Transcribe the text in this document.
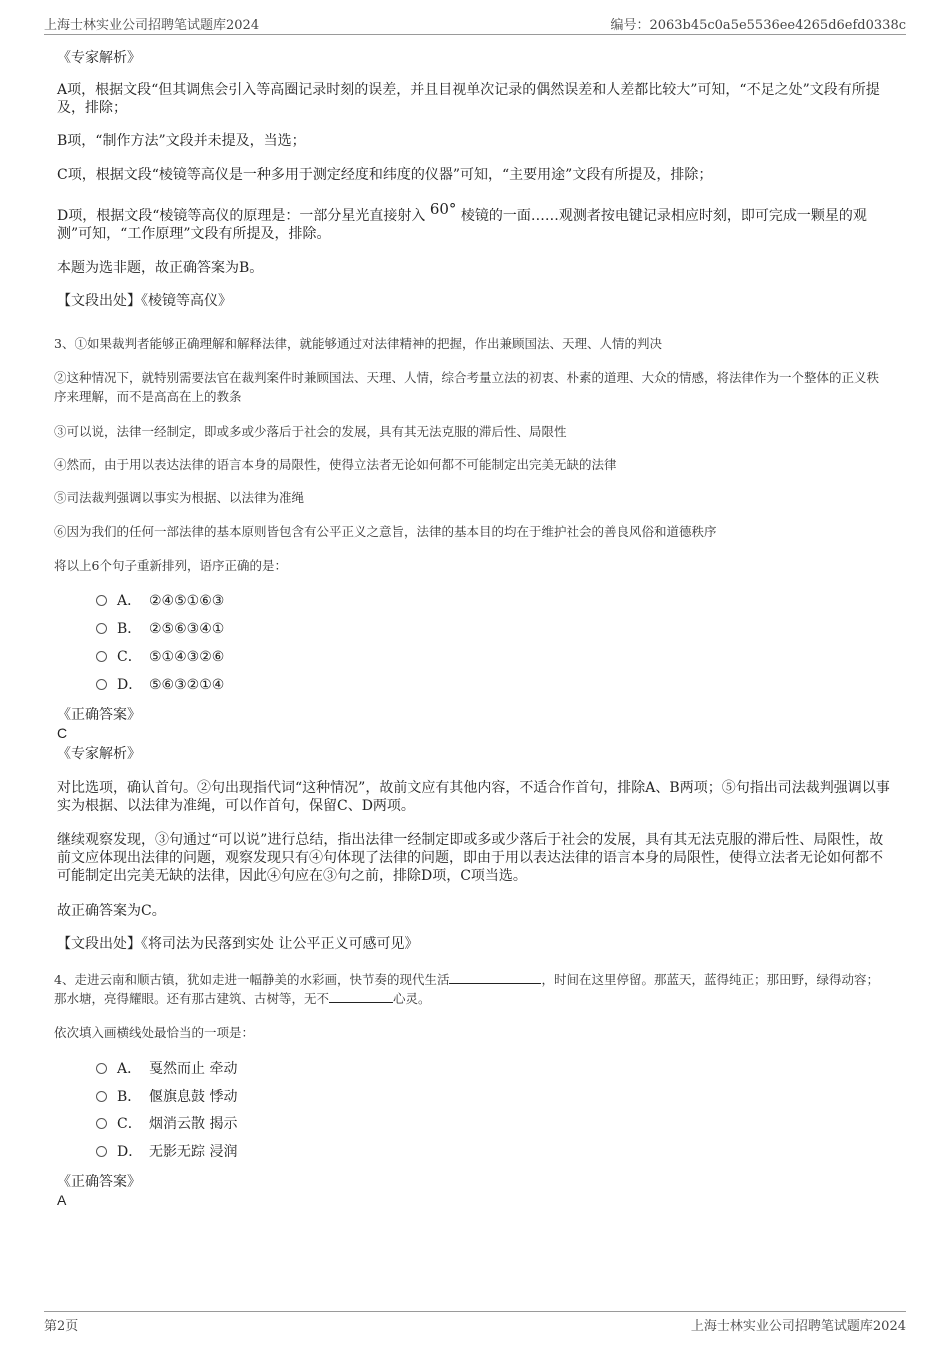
上海士林实业公司招聘笔试题库2024	编号：2063b45c0a5e5536ee4265d6efd0338c

《专家解析》

A项，根据文段“但其调焦会引入等高圈记录时刻的误差，并且目视单次记录的偶然误差和人差都比较大”可知，“不足之处”文段有所提及，排除；

B项，“制作方法”文段并未提及，当选；

C项，根据文段“棱镜等高仪是一种多用于测定经度和纬度的仪器”可知，“主要用途”文段有所提及，排除；

D项，根据文段“棱镜等高仪的原理是：一部分星光直接射入 60° 棱镜的一面……观测者按电键记录相应时刻，即可完成一颗星的观测”可知，“工作原理”文段有所提及，排除。

本题为选非题，故正确答案为B。

【文段出处】《棱镜等高仪》

3、①如果裁判者能够正确理解和解释法律，就能够通过对法律精神的把握，作出兼顾国法、天理、人情的判决

②这种情况下，就特别需要法官在裁判案件时兼顾国法、天理、人情，综合考量立法的初衷、朴素的道理、大众的情感，将法律作为一个整体的正义秩序来理解，而不是高高在上的教条

③可以说，法律一经制定，即或多或少落后于社会的发展，具有其无法克服的滞后性、局限性

④然而，由于用以表达法律的语言本身的局限性，使得立法者无论如何都不可能制定出完美无缺的法律

⑤司法裁判强调以事实为根据、以法律为准绳

⑥因为我们的任何一部法律的基本原则皆包含有公平正义之意旨，法律的基本目的均在于维护社会的善良风俗和道德秩序

将以上6个句子重新排列，语序正确的是：

A． ②④⑤①⑥③
B． ②⑤⑥③④①
C． ⑤①④③②⑥
D． ⑤⑥③②①④

《正确答案》

C

《专家解析》

对比选项，确认首句。②句出现指代词“这种情况”，故前文应有其他内容，不适合作首句，排除A、B两项；⑤句指出司法裁判强调以事实为根据、以法律为准绳，可以作首句，保留C、D两项。

继续观察发现，③句通过“可以说”进行总结，指出法律一经制定即或多或少落后于社会的发展，具有其无法克服的滞后性、局限性，故前文应体现出法律的问题，观察发现只有④句体现了法律的问题，即由于用以表达法律的语言本身的局限性，使得立法者无论如何都不可能制定出完美无缺的法律，因此④句应在③句之前，排除D项，C项当选。

故正确答案为C。

【文段出处】《将司法为民落到实处 让公平正义可感可见》

4、走进云南和顺古镇，犹如走进一幅静美的水彩画，快节奏的现代生活	，时间在这里停留。那蓝天，蓝得纯正；那田野，绿得动容；那水塘，亮得耀眼。还有那古建筑、古树等，无不	心灵。

依次填入画横线处最恰当的一项是：

A． 戛然而止 牵动
B． 偃旗息鼓 悸动
C． 烟消云散 揭示
D． 无影无踪 浸润

《正确答案》

A

第2页	上海士林实业公司招聘笔试题库2024
